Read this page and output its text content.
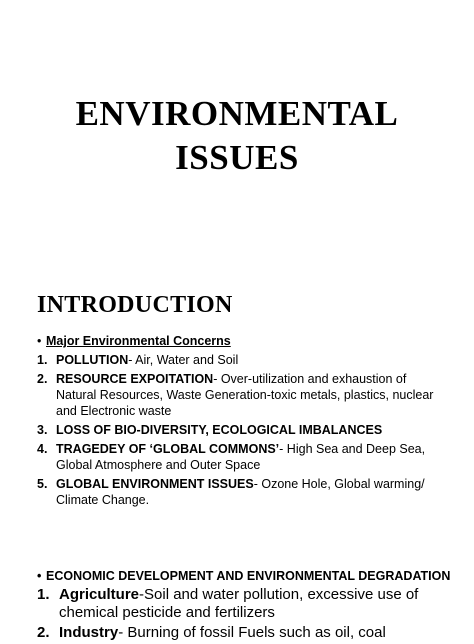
ENVIRONMENTAL
ISSUES
INTRODUCTION
• Major Environmental Concerns
1. POLLUTION- Air, Water and Soil
2. RESOURCE EXPOITATION- Over-utilization and exhaustion of Natural Resources, Waste Generation-toxic metals, plastics, nuclear and Electronic waste
3. LOSS OF BIO-DIVERSITY, ECOLOGICAL IMBALANCES
4. TRAGEDEY OF ‘GLOBAL COMMONS’- High Sea and Deep Sea, Global Atmosphere and Outer Space
5. GLOBAL ENVIRONMENT ISSUES- Ozone Hole, Global warming/ Climate Change.
• ECONOMIC DEVELOPMENT AND ENVIRONMENTAL DEGRADATION
1. Agriculture-Soil and water pollution, excessive use of chemical pesticide and fertilizers
2. Industry- Burning of fossil Fuels such as oil, coal
